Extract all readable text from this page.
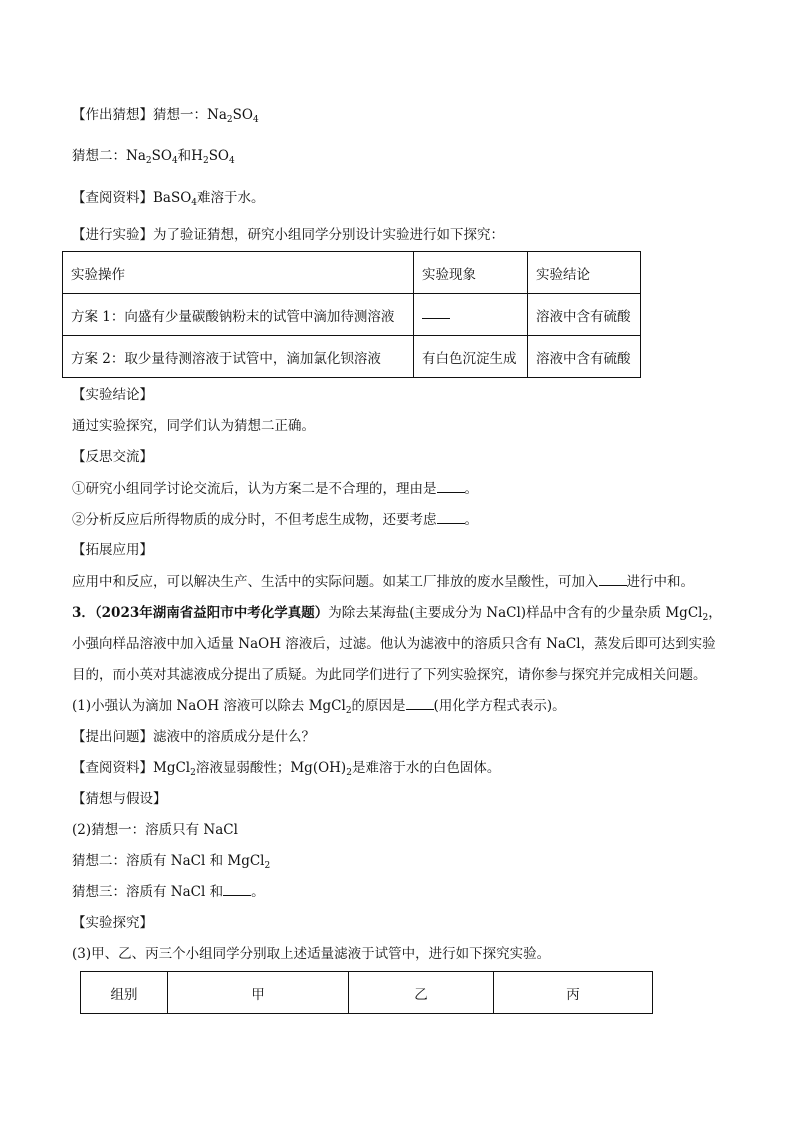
【作出猜想】猜想一：$Na_2SO_4$
猜想二：$Na_2SO_4$和$H_2SO_4$
【查阅资料】BaSO$_4$难溶于水。
【进行实验】为了验证猜想，研究小组同学分别设计实验进行如下探究：
实验操作	实验现象	实验结论
方案 1：向盛有少量碳酸钠粉末的试管中滴加待测溶液		溶液中含有硫酸
方案 2：取少量待测溶液于试管中，滴加氯化钡溶液	有白色沉淀生成	溶液中含有硫酸
【实验结论】
通过实验探究，同学们认为猜想二正确。
【反思交流】
①研究小组同学讨论交流后，认为方案二是不合理的，理由是 。
②分析反应后所得物质的成分时，不但考虑生成物，还要考虑 。
【拓展应用】
应用中和反应，可以解决生产、生活中的实际问题。如某工厂排放的废水呈酸性，可加入 进行中和。
3．（2023年湖南省益阳市中考化学真题）为除去某海盐(主要成分为 NaCl)样品中含有的少量杂质 MgCl$_2$，
小强向样品溶液中加入适量 NaOH 溶液后，过滤。他认为滤液中的溶质只含有 NaCl，蒸发后即可达到实验
目的，而小英对其滤液成分提出了质疑。为此同学们进行了下列实验探究，请你参与探究并完成相关问题。
(1)小强认为滴加 NaOH 溶液可以除去 MgCl$_2$的原因是 (用化学方程式表示)。
【提出问题】滤液中的溶质成分是什么？
【查阅资料】MgCl$_2$溶液显弱酸性；$Mg(OH)_2$是难溶于水的白色固体。
【猜想与假设】
(2)猜想一：溶质只有 NaCl
猜想二：溶质有 NaCl 和 MgCl$_2$
猜想三：溶质有 NaCl 和 。
【实验探究】
(3)甲、乙、丙三个小组同学分别取上述适量滤液于试管中，进行如下探究实验。
组别	甲	乙	丙
